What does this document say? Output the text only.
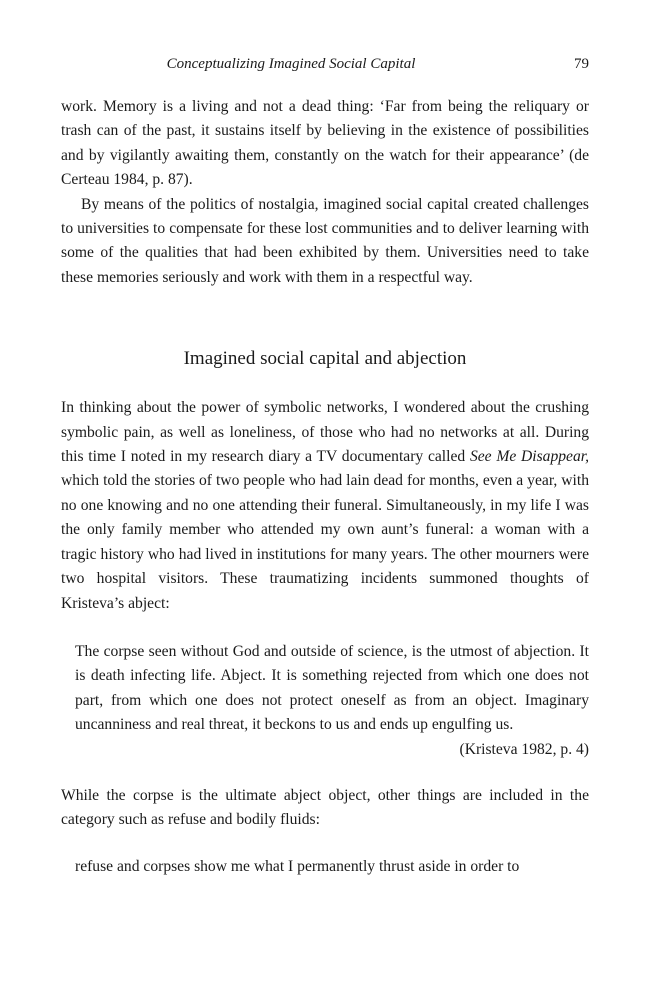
Conceptualizing Imagined Social Capital	79

work. Memory is a living and not a dead thing: ‘Far from being the reliquary or trash can of the past, it sustains itself by believing in the existence of possibilities and by vigilantly awaiting them, constantly on the watch for their appearance’ (de Certeau 1984, p. 87).

By means of the politics of nostalgia, imagined social capital created challenges to universities to compensate for these lost communities and to deliver learning with some of the qualities that had been exhibited by them. Universities need to take these memories seriously and work with them in a respectful way.

Imagined social capital and abjection

In thinking about the power of symbolic networks, I wondered about the crushing symbolic pain, as well as loneliness, of those who had no networks at all. During this time I noted in my research diary a TV documentary called See Me Disappear, which told the stories of two people who had lain dead for months, even a year, with no one knowing and no one attending their funeral. Simultaneously, in my life I was the only family member who attended my own aunt’s funeral: a woman with a tragic history who had lived in institutions for many years. The other mourners were two hospital visitors. These traumatizing incidents summoned thoughts of Kristeva’s abject:

The corpse seen without God and outside of science, is the utmost of abjection. It is death infecting life. Abject. It is something rejected from which one does not part, from which one does not protect oneself as from an object. Imaginary uncanniness and real threat, it beckons to us and ends up engulfing us.

(Kristeva 1982, p. 4)

While the corpse is the ultimate abject object, other things are included in the category such as refuse and bodily fluids:

refuse and corpses show me what I permanently thrust aside in order to
